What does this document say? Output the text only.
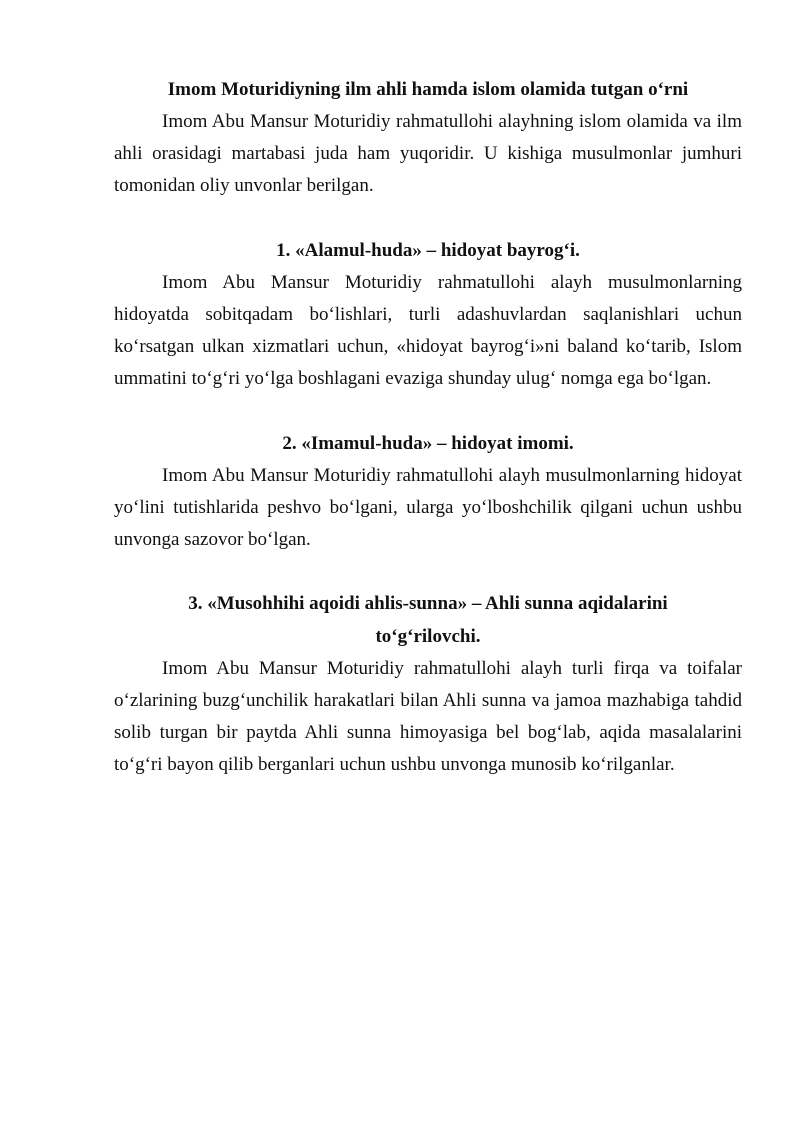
Imom Moturidiyning ilm ahli hamda islom olamida tutgan o‘rni

Imom Abu Mansur Moturidiy rahmatullohi alayhning islom olamida va ilm ahli orasidagi martabasi juda ham yuqoridir. U kishiga musulmonlar jumhuri tomonidan oliy unvonlar berilgan.

1. «Alamul-huda» – hidoyat bayrog‘i.

Imom Abu Mansur Moturidiy rahmatullohi alayh musulmonlarning hidoyatda sobitqadam bo‘lishlari, turli adashuvlardan saqlanishlari uchun ko‘rsatgan ulkan xizmatlari uchun, «hidoyat bayrog‘i»ni baland ko‘tarib, Islom ummatini to‘g‘ri yo‘lga boshlagani evaziga shunday ulug‘ nomga ega bo‘lgan.

2. «Imamul-huda» – hidoyat imomi.

Imom Abu Mansur Moturidiy rahmatullohi alayh musulmonlarning hidoyat yo‘lini tutishlarida peshvo bo‘lgani, ularga yo‘lboshchilik qilgani uchun ushbu unvonga sazovor bo‘lgan.

3. «Musohhihi aqoidi ahlis-sunna» – Ahli sunna aqidalarini to‘g‘rilovchi.

Imom Abu Mansur Moturidiy rahmatullohi alayh turli firqa va toifalar o‘zlarining buzg‘unchilik harakatlari bilan Ahli sunna va jamoa mazhabiga tahdid solib turgan bir paytda Ahli sunna himoyasiga bel bog‘lab, aqida masalalarini to‘g‘ri bayon qilib berganlari uchun ushbu unvonga munosib ko‘rilganlar.
